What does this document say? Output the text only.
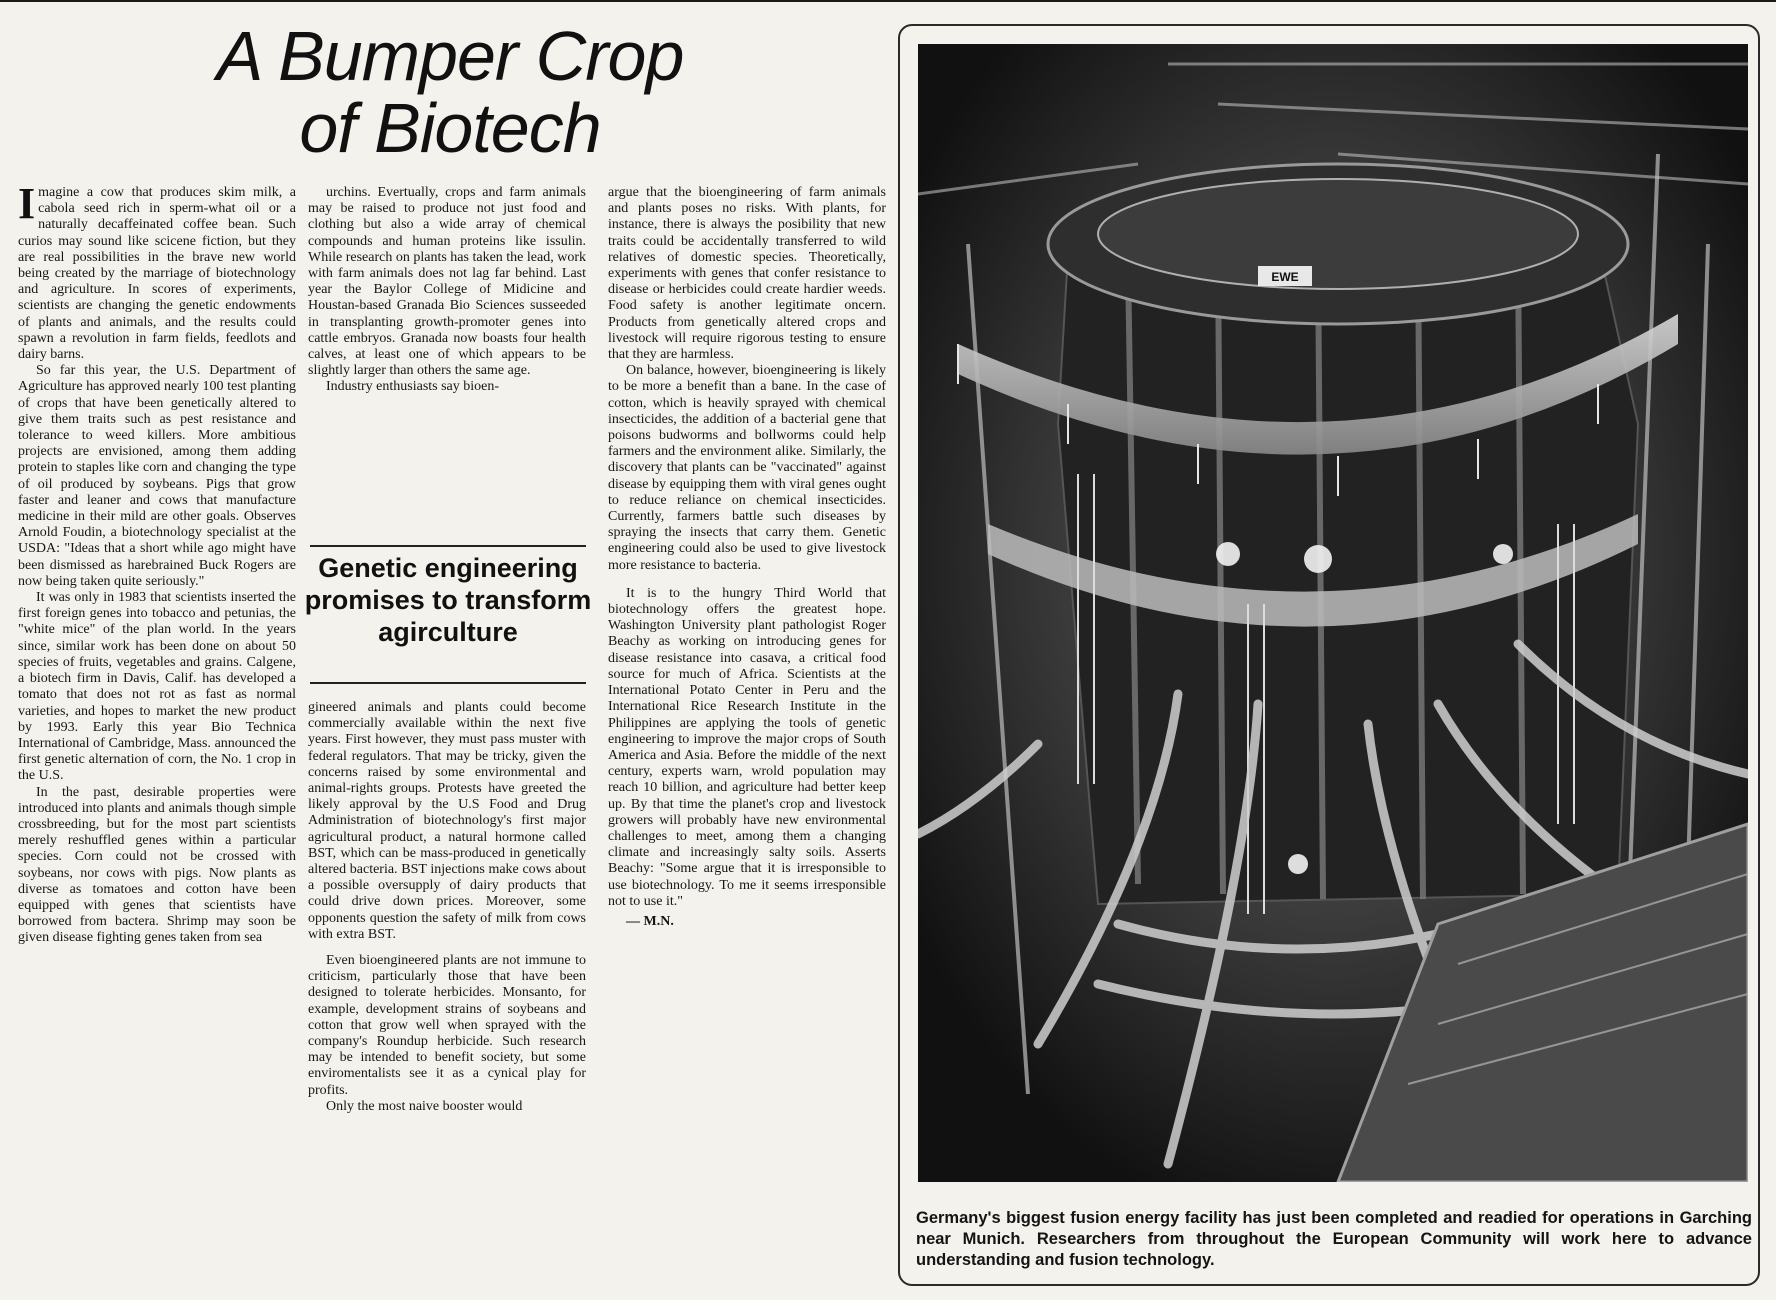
A Bumper Crop
of Biotech

Imagine a cow that produces skim milk, a cabola seed rich in sperm-what oil or a naturally decaffeinated coffee bean. Such curios may sound like scicene fiction, but they are real possibilities in the brave new world being created by the marriage of biotechnology and agriculture. In scores of experiments, scientists are changing the genetic endowments of plants and animals, and the results could spawn a revolution in farm fields, feedlots and dairy barns.

So far this year, the U.S. Department of Agriculture has approved nearly 100 test planting of crops that have been genetically altered to give them traits such as pest resistance and tolerance to weed killers. More ambitious projects are envisioned, among them adding protein to staples like corn and changing the type of oil produced by soybeans. Pigs that grow faster and leaner and cows that manufacture medicine in their mild are other goals. Observes Arnold Foudin, a biotechnology specialist at the USDA: "Ideas that a short while ago might have been dismissed as harebrained Buck Rogers are now being taken quite seriously."

It was only in 1983 that scientists inserted the first foreign genes into tobacco and petunias, the "white mice" of the plan world. In the years since, similar work has been done on about 50 species of fruits, vegetables and grains. Calgene, a biotech firm in Davis, Calif. has developed a tomato that does not rot as fast as normal varieties, and hopes to market the new product by 1993. Early this year Bio Technica International of Cambridge, Mass. announced the first genetic alternation of corn, the No. 1 crop in the U.S.

In the past, desirable properties were introduced into plants and animals though simple crossbreeding, but for the most part scientists merely reshuffled genes within a particular species. Corn could not be crossed with soybeans, nor cows with pigs. Now plants as diverse as tomatoes and cotton have been equipped with genes that scientists have borrowed from bactera. Shrimp may soon be given disease fighting genes taken from sea

urchins. Evertually, crops and farm animals may be raised to produce not just food and clothing but also a wide array of chemical compounds and human proteins like issulin. While research on plants has taken the lead, work with farm animals does not lag far behind. Last year the Baylor College of Midicine and Houstan-based Granada Bio Sciences susseeded in transplanting growth-promoter genes into cattle embryos. Granada now boasts four health calves, at least one of which appears to be slightly larger than others the same age.

Industry enthusiasts say bioen-

Genetic engineering promises to transform agirculture

gineered animals and plants could become commercially available within the next five years. First however, they must pass muster with federal regulators. That may be tricky, given the concerns raised by some environmental and animal-rights groups. Protests have greeted the likely approval by the U.S Food and Drug Administration of biotechnology's first major agricultural product, a natural hormone called BST, which can be mass-produced in genetically altered bacteria. BST injections make cows about a possible oversupply of dairy products that could drive down prices. Moreover, some opponents question the safety of milk from cows with extra BST.

Even bioengineered plants are not immune to criticism, particularly those that have been designed to tolerate herbicides. Monsanto, for example, development strains of soybeans and cotton that grow well when sprayed with the company's Roundup herbicide. Such research may be intended to benefit society, but some enviromentalists see it as a cynical play for profits.

Only the most naive booster would

argue that the bioengineering of farm animals and plants poses no risks. With plants, for instance, there is always the posibility that new traits could be accidentally transferred to wild relatives of domestic species. Theoretically, experiments with genes that confer resistance to disease or herbicides could create hardier weeds. Food safety is another legitimate oncern. Products from genetically altered crops and livestock will require rigorous testing to ensure that they are harmless.

On balance, however, bioengineering is likely to be more a benefit than a bane. In the case of cotton, which is heavily sprayed with chemical insecticides, the addition of a bacterial gene that poisons budworms and bollworms could help farmers and the environment alike. Similarly, the discovery that plants can be "vaccinated" against disease by equipping them with viral genes ought to reduce reliance on chemical insecticides. Currently, farmers battle such diseases by spraying the insects that carry them. Genetic engineering could also be used to give livestock more resistance to bacteria.

It is to the hungry Third World that biotechnology offers the greatest hope. Washington University plant pathologist Roger Beachy as working on introducing genes for disease resistance into casava, a critical food source for much of Africa. Scientists at the International Potato Center in Peru and the International Rice Research Institute in the Philippines are applying the tools of genetic engineering to improve the major crops of South America and Asia. Before the middle of the next century, experts warn, wrold population may reach 10 billion, and agriculture had better keep up. By that time the planet's crop and livestock growers will probably have new environmental challenges to meet, among them a changing climate and increasingly salty soils. Asserts Beachy: "Some argue that it is irresponsible to use biotechnology. To me it seems irresponsible not to use it."

— M.N.

EWE

Germany's biggest fusion energy facility has just been completed and readied for operations in Garching near Munich. Researchers from throughout the European Community will work here to advance understanding and fusion technology.
